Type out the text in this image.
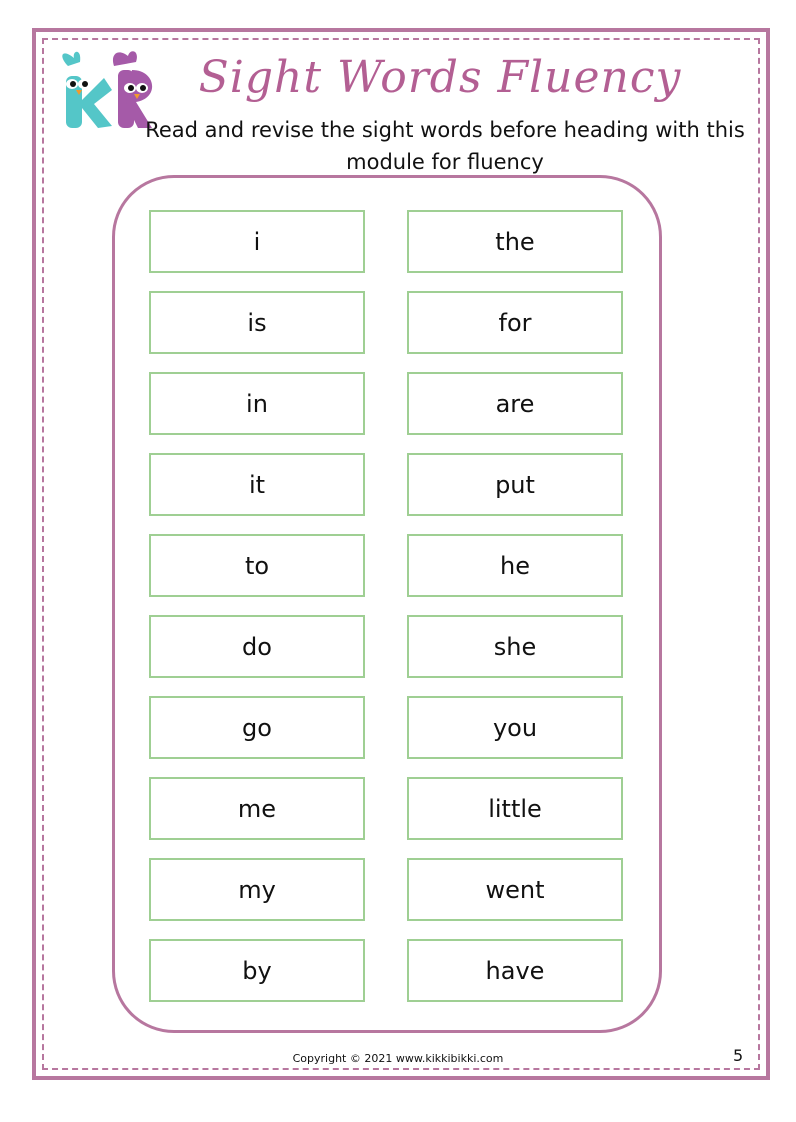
Sight Words Fluency
Read and revise the sight words before heading with this module for fluency
i	the
is	for
in	are
it	put
to	he
do	she
go	you
me	little
my	went
by	have
Copyright © 2021 www.kikkibikki.com	5
